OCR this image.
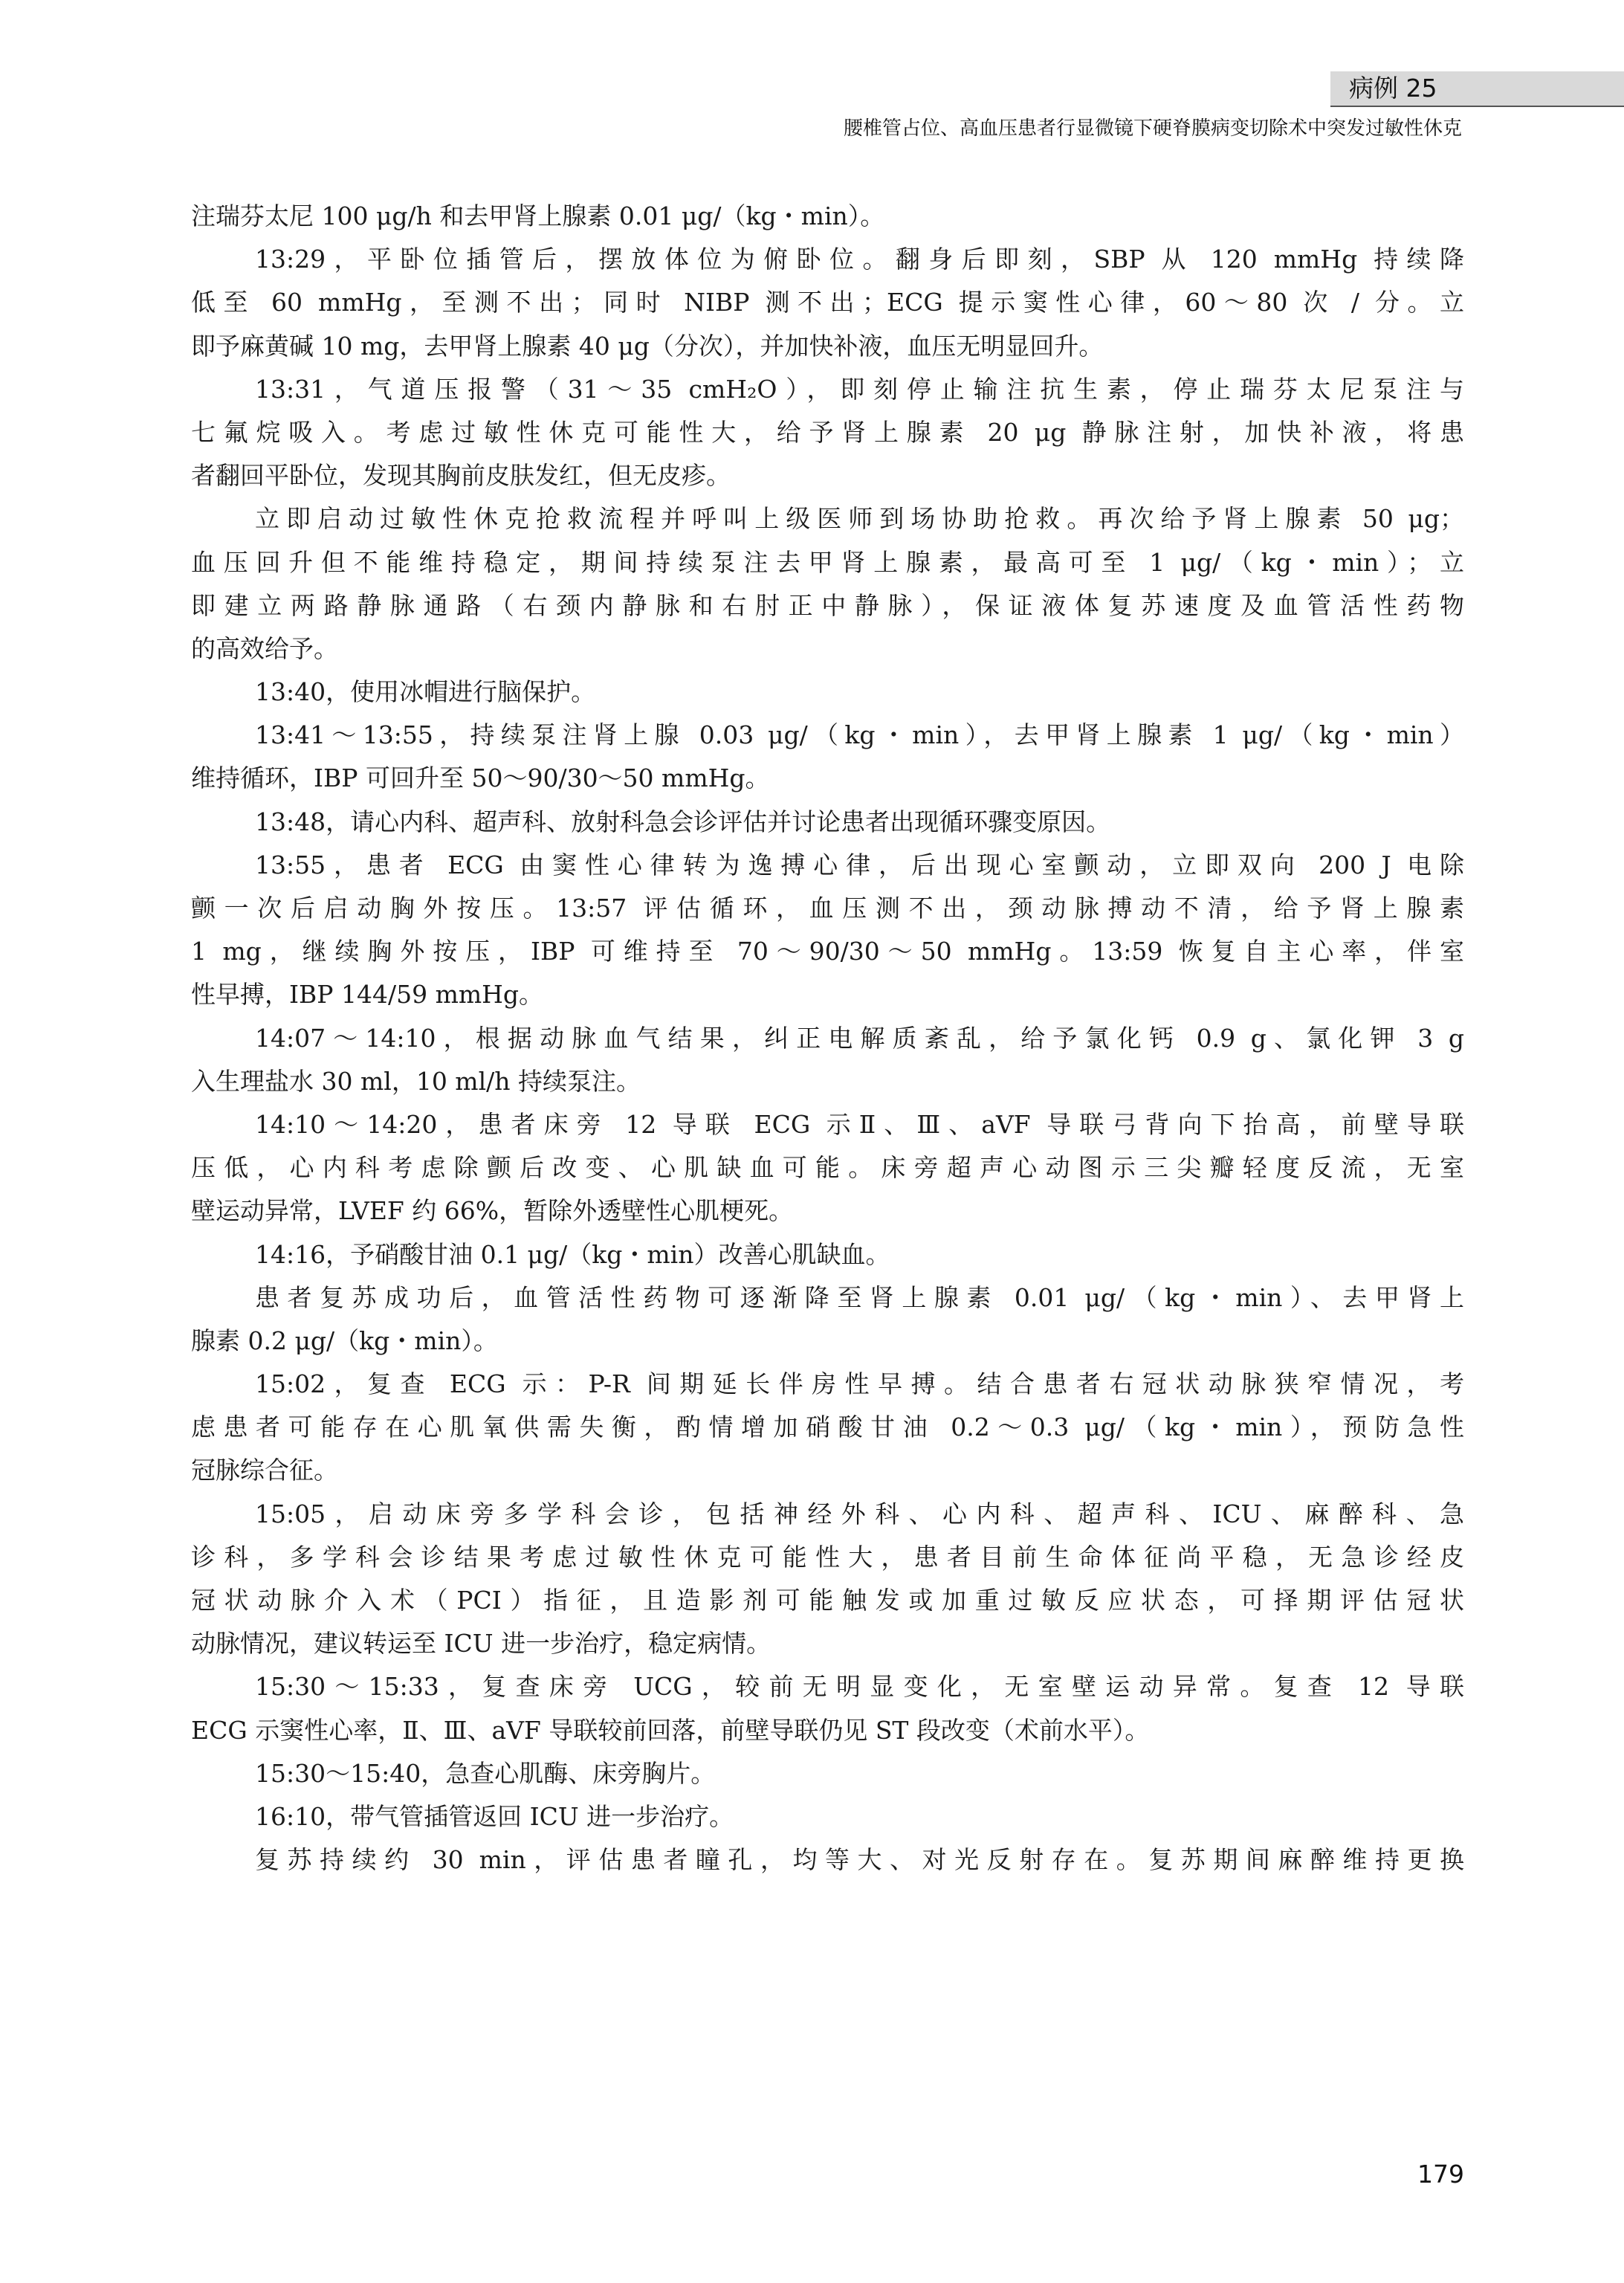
病例 25
腰椎管占位、高血压患者行显微镜下硬脊膜病变切除术中突发过敏性休克
注瑞芬太尼 100 μg/h 和去甲肾上腺素 0.01 μg/（kg・min）。
13:29，平卧位插管后，摆放体位为俯卧位。翻身后即刻，SBP 从 120 mmHg 持续降
低至 60 mmHg，至测不出；同时 NIBP 测不出；ECG 提示窦性心律，60～80 次 / 分。立
即予麻黄碱 10 mg，去甲肾上腺素 40 μg（分次），并加快补液，血压无明显回升。
13:31，气道压报警（31～35 cmH₂O），即刻停止输注抗生素，停止瑞芬太尼泵注与
七氟烷吸入。考虑过敏性休克可能性大，给予肾上腺素 20 μg 静脉注射，加快补液，将患
者翻回平卧位，发现其胸前皮肤发红，但无皮疹。
立即启动过敏性休克抢救流程并呼叫上级医师到场协助抢救。再次给予肾上腺素 50 μg；
血压回升但不能维持稳定，期间持续泵注去甲肾上腺素，最高可至 1 μg/（kg・min）；立
即建立两路静脉通路（右颈内静脉和右肘正中静脉），保证液体复苏速度及血管活性药物
的高效给予。
13:40，使用冰帽进行脑保护。
13:41～13:55，持续泵注肾上腺 0.03 μg/（kg・min），去甲肾上腺素 1 μg/（kg・min）
维持循环，IBP 可回升至 50～90/30～50 mmHg。
13:48，请心内科、超声科、放射科急会诊评估并讨论患者出现循环骤变原因。
13:55，患者 ECG 由窦性心律转为逸搏心律，后出现心室颤动，立即双向 200 J 电除
颤一次后启动胸外按压。13:57 评估循环，血压测不出，颈动脉搏动不清，给予肾上腺素
1 mg，继续胸外按压，IBP 可维持至 70～90/30～50 mmHg。13:59 恢复自主心率，伴室
性早搏，IBP 144/59 mmHg。
14:07～14:10，根据动脉血气结果，纠正电解质紊乱，给予氯化钙 0.9 g、氯化钾 3 g
入生理盐水 30 ml，10 ml/h 持续泵注。
14:10～14:20，患者床旁 12 导联 ECG 示Ⅱ、Ⅲ、aVF 导联弓背向下抬高，前壁导联
压低，心内科考虑除颤后改变、心肌缺血可能。床旁超声心动图示三尖瓣轻度反流，无室
壁运动异常，LVEF 约 66%，暂除外透壁性心肌梗死。
14:16，予硝酸甘油 0.1 μg/（kg・min）改善心肌缺血。
患者复苏成功后，血管活性药物可逐渐降至肾上腺素 0.01 μg/（kg・min）、去甲肾上
腺素 0.2 μg/（kg・min）。
15:02，复查 ECG 示：P-R 间期延长伴房性早搏。结合患者右冠状动脉狭窄情况，考
虑患者可能存在心肌氧供需失衡，酌情增加硝酸甘油 0.2～0.3 μg/（kg・min），预防急性
冠脉综合征。
15:05，启动床旁多学科会诊，包括神经外科、心内科、超声科、ICU、麻醉科、急
诊科，多学科会诊结果考虑过敏性休克可能性大，患者目前生命体征尚平稳，无急诊经皮
冠状动脉介入术（PCI）指征，且造影剂可能触发或加重过敏反应状态，可择期评估冠状
动脉情况，建议转运至 ICU 进一步治疗，稳定病情。
15:30～15:33，复查床旁 UCG，较前无明显变化，无室壁运动异常。复查 12 导联
ECG 示窦性心率，Ⅱ、Ⅲ、aVF 导联较前回落，前壁导联仍见 ST 段改变（术前水平）。
15:30～15:40，急查心肌酶、床旁胸片。
16:10，带气管插管返回 ICU 进一步治疗。
复苏持续约 30 min，评估患者瞳孔，均等大、对光反射存在。复苏期间麻醉维持更换
179
